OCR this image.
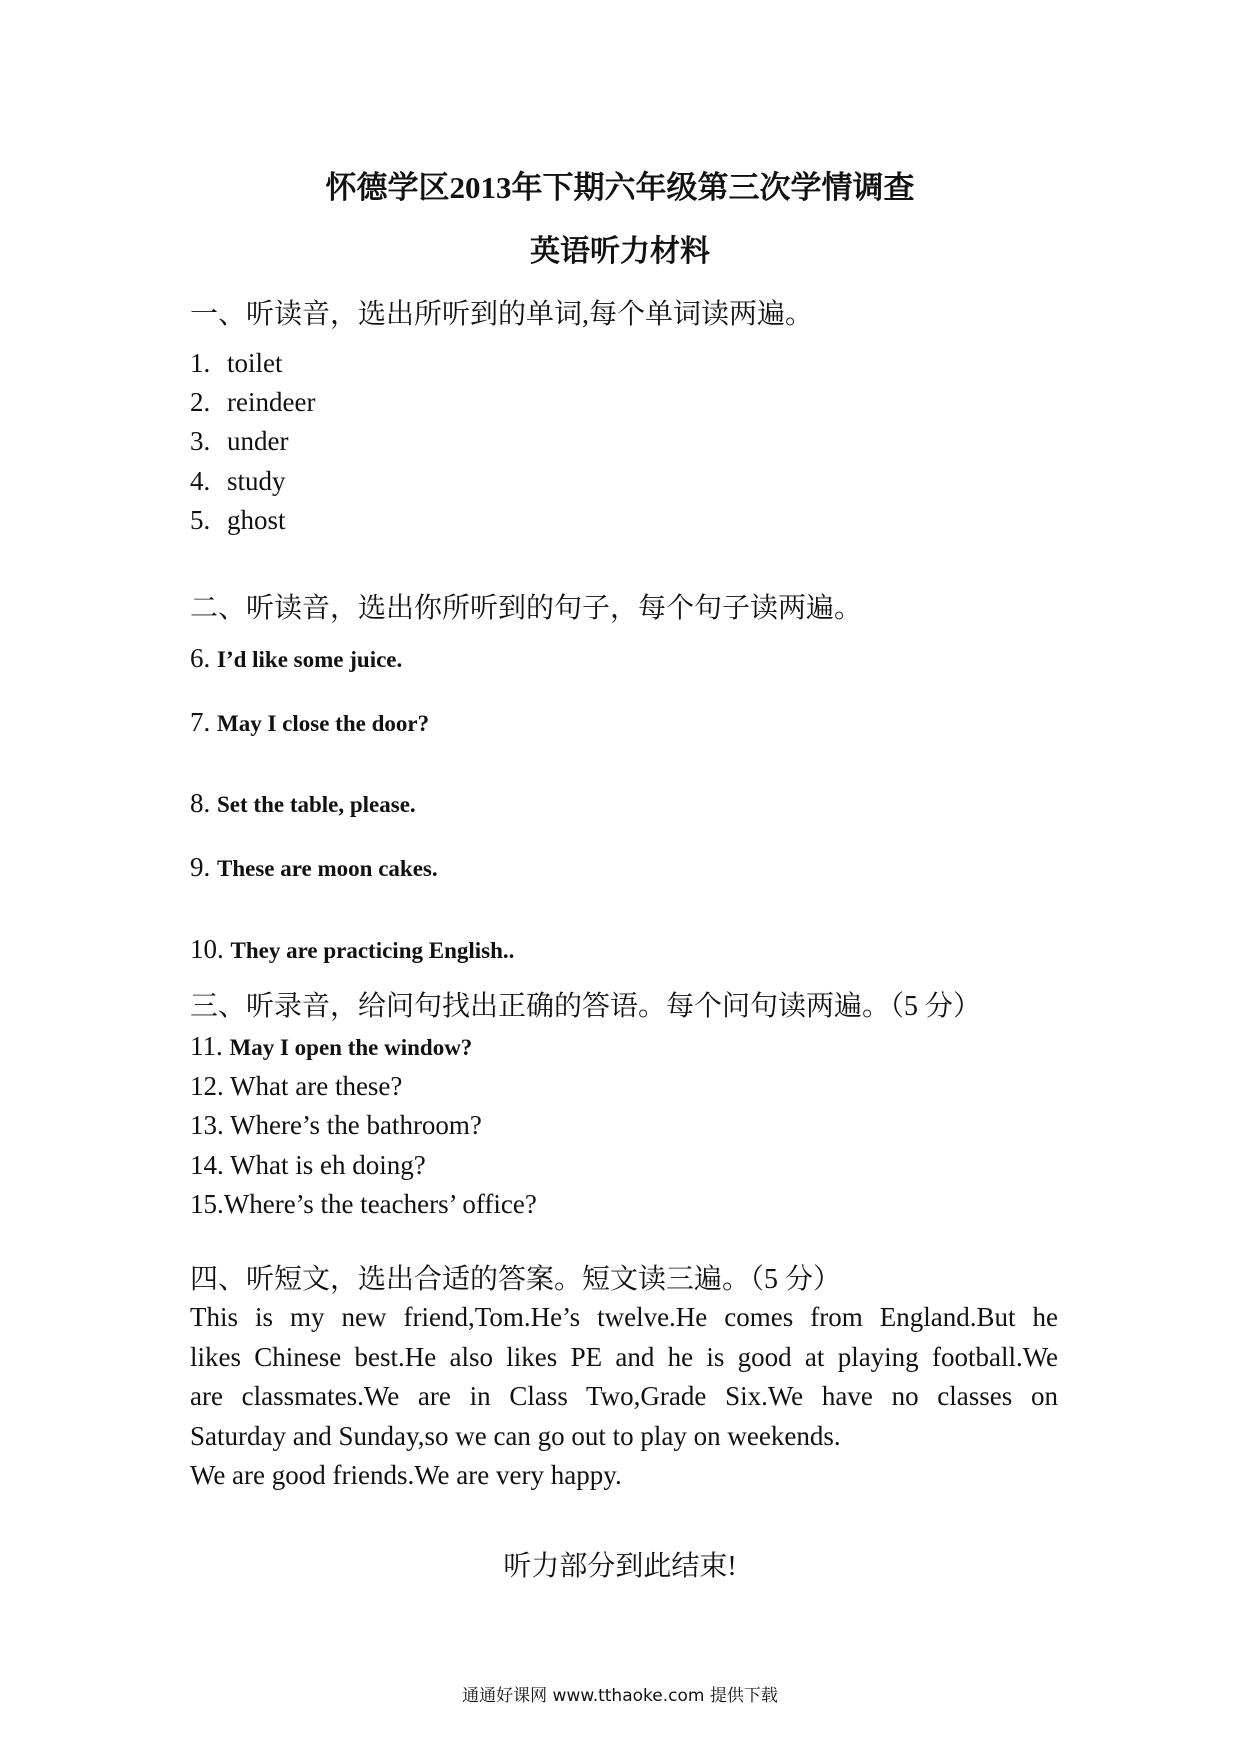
怀德学区2013年下期六年级第三次学情调查
英语听力材料
一、听读音，选出所听到的单词,每个单词读两遍。
1. toilet
2. reindeer
3. under
4. study
5. ghost
二、听读音，选出你所听到的句子，每个句子读两遍。
6. I’d like some juice.
7. May I close the door?
8. Set the table, please.
9. These are moon cakes.
10. They are practicing English..
三、听录音，给问句找出正确的答语。每个问句读两遍。（5 分）
11. May I open the window?
12. What are these?
13. Where’s the bathroom?
14. What is eh doing?
15.Where’s the teachers’ office?
四、听短文，选出合适的答案。短文读三遍。（5 分）
This is my new friend,Tom.He’s twelve.He comes from England.But he
likes Chinese best.He also likes PE and he is good at playing football.We
are classmates.We are in Class Two,Grade Six.We have no classes on
Saturday and Sunday,so we can go out to play on weekends.
We are good friends.We are very happy.
听力部分到此结束!
通通好课网 www.tthaoke.com 提供下载
